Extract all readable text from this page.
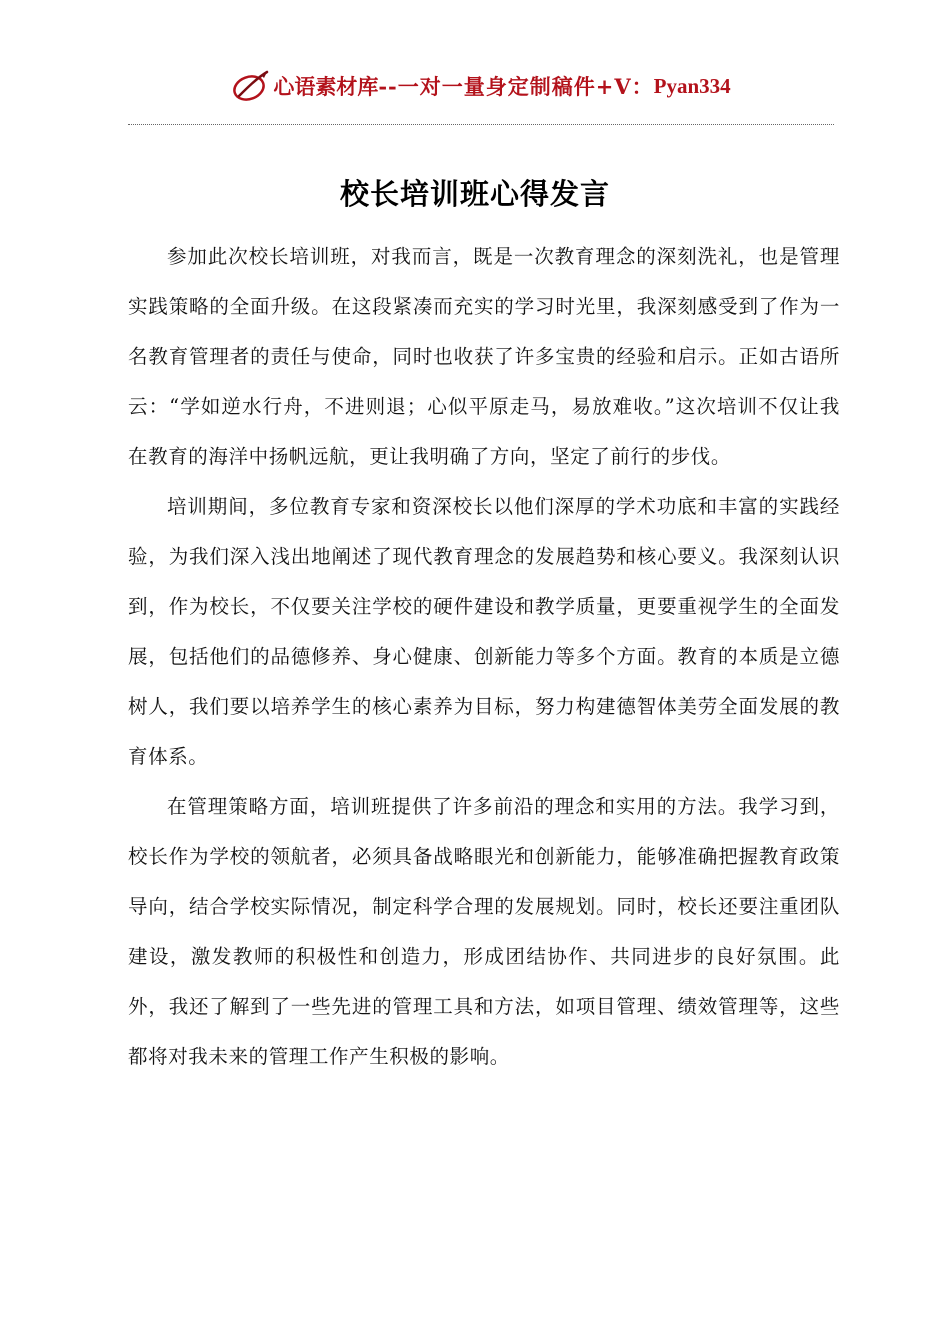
心语素材库 --一对一量身定制稿件+V： Pyan334
校长培训班心得发言

参加此次校长培训班，对我而言，既是一次教育理念的深刻洗礼，也是管理实践策略的全面升级。在这段紧凑而充实的学习时光里，我深刻感受到了作为一名教育管理者的责任与使命，同时也收获了许多宝贵的经验和启示。正如古语所云：“学如逆水行舟，不进则退；心似平原走马，易放难收。”这次培训不仅让我在教育的海洋中扬帆远航，更让我明确了方向，坚定了前行的步伐。

培训期间，多位教育专家和资深校长以他们深厚的学术功底和丰富的实践经验，为我们深入浅出地阐述了现代教育理念的发展趋势和核心要义。我深刻认识到，作为校长，不仅要关注学校的硬件建设和教学质量，更要重视学生的全面发展，包括他们的品德修养、身心健康、创新能力等多个方面。教育的本质是立德树人，我们要以培养学生的核心素养为目标，努力构建德智体美劳全面发展的教育体系。

在管理策略方面，培训班提供了许多前沿的理念和实用的方法。我学习到，校长作为学校的领航者，必须具备战略眼光和创新能力，能够准确把握教育政策导向，结合学校实际情况，制定科学合理的发展规划。同时，校长还要注重团队建设，激发教师的积极性和创造力，形成团结协作、共同进步的良好氛围。此外，我还了解到了一些先进的管理工具和方法，如项目管理、绩效管理等，这些都将对我未来的管理工作产生积极的影响。
